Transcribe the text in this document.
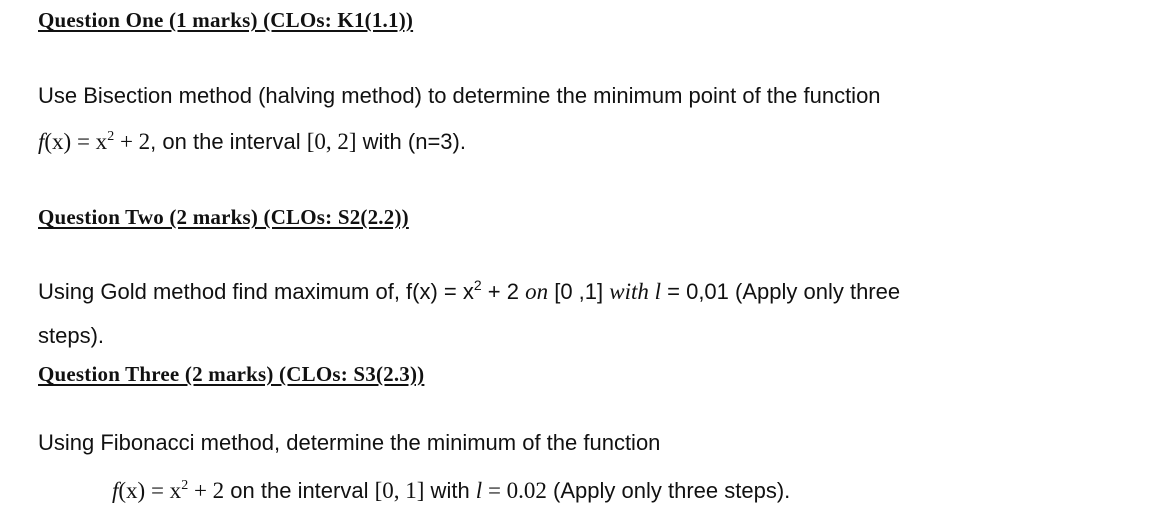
Question One (1 marks) (CLOs: K1(1.1))
Use Bisection method (halving method) to determine the minimum point of the function
$f(x) = x^2 + 2$, on the interval [0, 2] with (n=3).
Question Two (2 marks) (CLOs: S2(2.2))
Using Gold method find maximum of, $f(x) = x^2 + 2$ on [0 ,1] with l = 0,01 (Apply only three
steps).
Question Three (2 marks) (CLOs: S3(2.3))
Using Fibonacci method, determine the minimum of the function
$f(x) = x^2 + 2$ on the interval [0, 1] with l = 0.02 (Apply only three steps).
